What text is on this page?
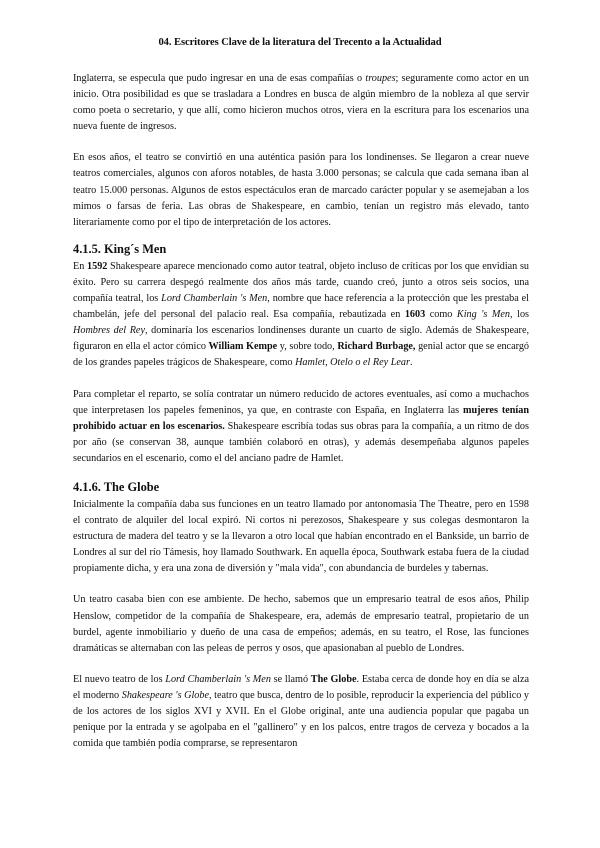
04. Escritores Clave de la literatura del Trecento a la Actualidad

Inglaterra, se especula que pudo ingresar en una de esas compañías o troupes; seguramente como actor en un inicio. Otra posibilidad es que se trasladara a Londres en busca de algún miembro de la nobleza al que servir como poeta o secretario, y que allí, como hicieron muchos otros, viera en la escritura para los escenarios una nueva fuente de ingresos.

En esos años, el teatro se convirtió en una auténtica pasión para los londinenses. Se llegaron a crear nueve teatros comerciales, algunos con aforos notables, de hasta 3.000 personas; se calcula que cada semana iban al teatro 15.000 personas. Algunos de estos espectáculos eran de marcado carácter popular y se asemejaban a los mimos o farsas de feria. Las obras de Shakespeare, en cambio, tenían un registro más elevado, tanto literariamente como por el tipo de interpretación de los actores.

4.1.5. King´s Men

En 1592 Shakespeare aparece mencionado como autor teatral, objeto incluso de críticas por los que envidian su éxito. Pero su carrera despegó realmente dos años más tarde, cuando creó, junto a otros seis socios, una compañía teatral, los Lord Chamberlain 's Men, nombre que hace referencia a la protección que les prestaba el chambelán, jefe del personal del palacio real. Esa compañía, rebautizada en 1603 como King 's Men, los Hombres del Rey, dominaría los escenarios londinenses durante un cuarto de siglo. Además de Shakespeare, figuraron en ella el actor cómico William Kempe y, sobre todo, Richard Burbage, genial actor que se encargó de los grandes papeles trágicos de Shakespeare, como Hamlet, Otelo o el Rey Lear.

Para completar el reparto, se solía contratar un número reducido de actores eventuales, así como a muchachos que interpretasen los papeles femeninos, ya que, en contraste con España, en Inglaterra las mujeres tenían prohibido actuar en los escenarios. Shakespeare escribía todas sus obras para la compañía, a un ritmo de dos por año (se conservan 38, aunque también colaboró en otras), y además desempeñaba algunos papeles secundarios en el escenario, como el del anciano padre de Hamlet.

4.1.6. The Globe

Inicialmente la compañía daba sus funciones en un teatro llamado por antonomasia The Theatre, pero en 1598 el contrato de alquiler del local expiró. Ni cortos ni perezosos, Shakespeare y sus colegas desmontaron la estructura de madera del teatro y se la llevaron a otro local que habían encontrado en el Bankside, un barrio de Londres al sur del río Támesis, hoy llamado Southwark. En aquella época, Southwark estaba fuera de la ciudad propiamente dicha, y era una zona de diversión y "mala vida", con abundancia de burdeles y tabernas.

Un teatro casaba bien con ese ambiente. De hecho, sabemos que un empresario teatral de esos años, Philip Henslow, competidor de la compañía de Shakespeare, era, además de empresario teatral, propietario de un burdel, agente inmobiliario y dueño de una casa de empeños; además, en su teatro, el Rose, las funciones dramáticas se alternaban con las peleas de perros y osos, que apasionaban al pueblo de Londres.

El nuevo teatro de los Lord Chamberlain 's Men se llamó The Globe. Estaba cerca de donde hoy en día se alza el moderno Shakespeare 's Globe, teatro que busca, dentro de lo posible, reproducir la experiencia del público y de los actores de los siglos XVI y XVII. En el Globe original, ante una audiencia popular que pagaba un penique por la entrada y se agolpaba en el "gallinero" y en los palcos, entre tragos de cerveza y bocados a la comida que también podía comprarse, se representaron
